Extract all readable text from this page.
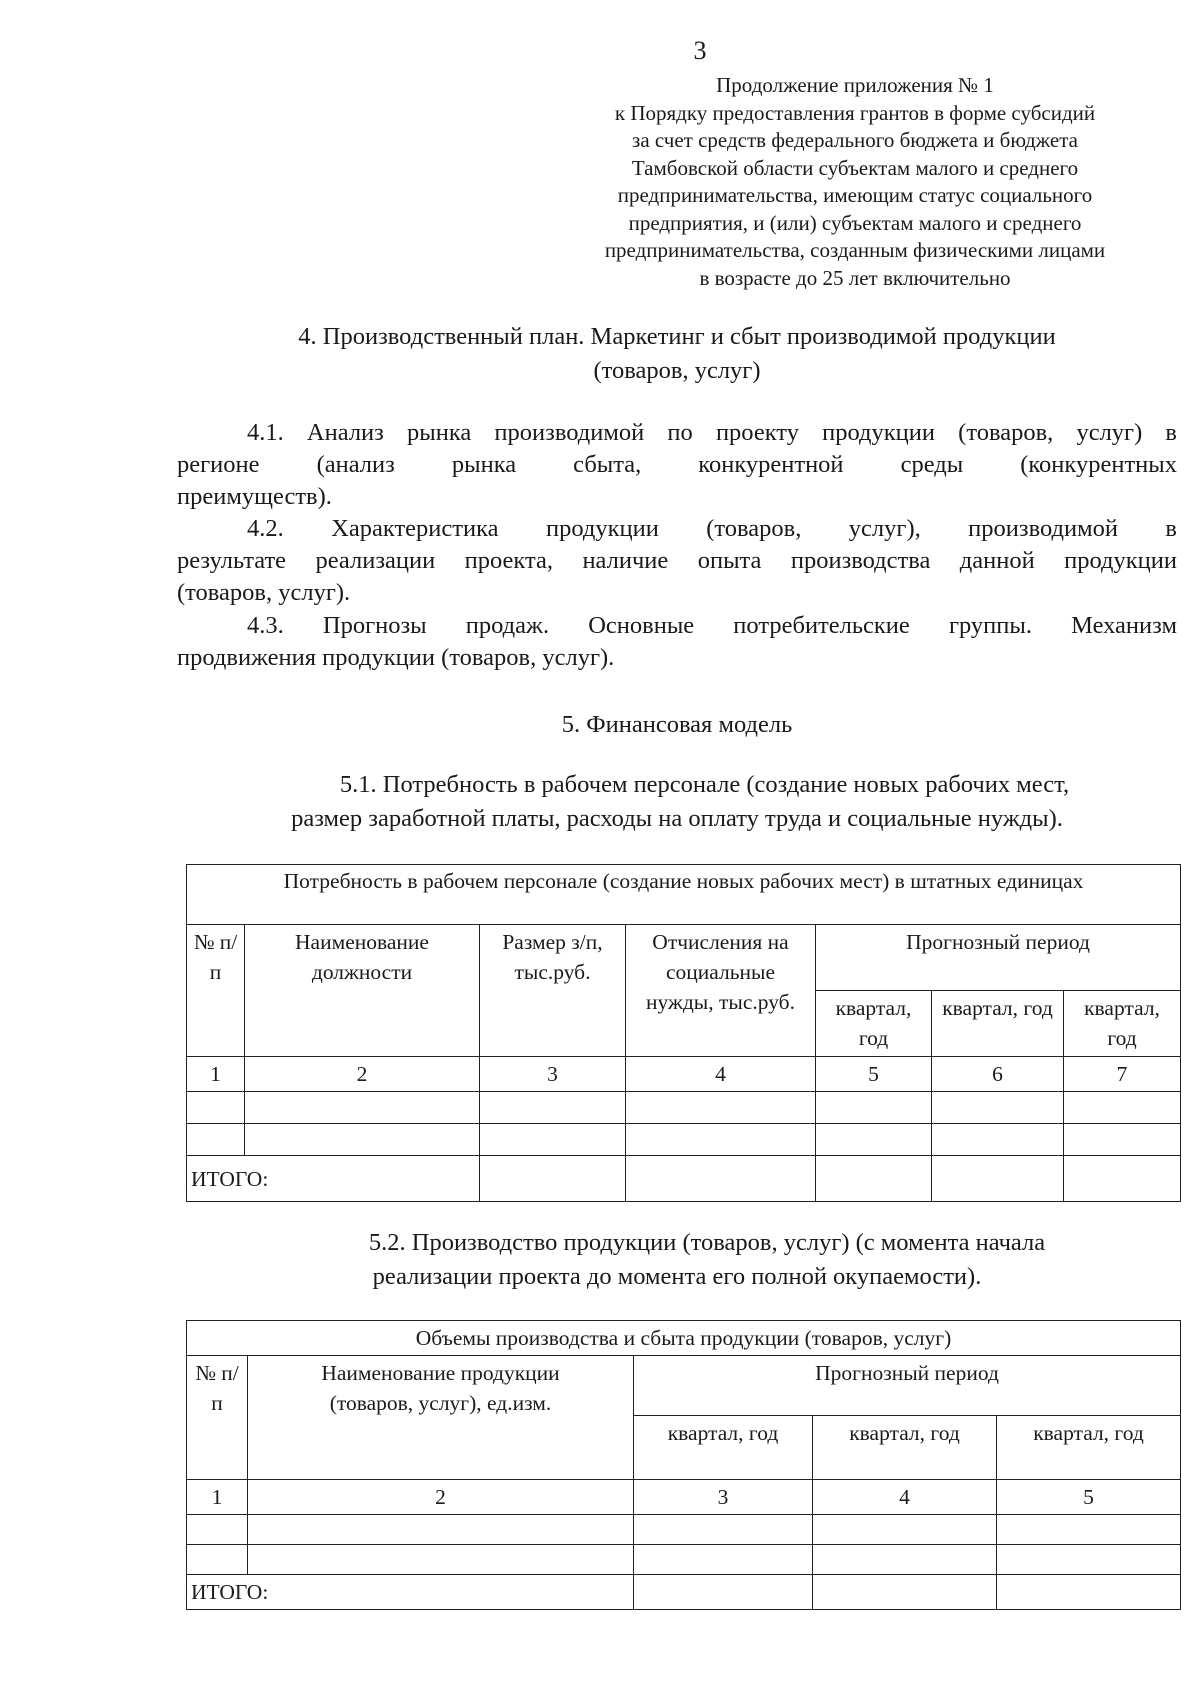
3
Продолжение приложения № 1
к Порядку предоставления грантов в форме субсидий
за счет средств федерального бюджета и бюджета
Тамбовской области субъектам малого и среднего
предпринимательства, имеющим статус социального
предприятия, и (или) субъектам малого и среднего
предпринимательства, созданным физическими лицами
в возрасте до 25 лет включительно
4. Производственный план. Маркетинг и сбыт производимой продукции
(товаров, услуг)
4.1. Анализ рынка производимой по проекту продукции (товаров, услуг) в
регионе (анализ рынка сбыта, конкурентной среды (конкурентных
преимуществ).
4.2. Характеристика продукции (товаров, услуг), производимой в
результате реализации проекта, наличие опыта производства данной продукции
(товаров, услуг).
4.3. Прогнозы продаж. Основные потребительские группы. Механизм
продвижения продукции (товаров, услуг).
5. Финансовая модель
5.1. Потребность в рабочем персонале (создание новых рабочих мест,
размер заработной платы, расходы на оплату труда и социальные нужды).
Потребность в рабочем персонале (создание новых рабочих мест) в штатных единицах						
№ п/п	Наименование должности	Размер з/п, тыс.руб.	Отчисления на социальные нужды, тыс.руб.	Прогнозный период		
				квартал, год	квартал, год	квартал, год
1	2	3	4	5	6	7

ИТОГО:						
5.2. Производство продукции (товаров, услуг) (с момента начала
реализации проекта до момента его полной окупаемости).
Объемы производства и сбыта продукции (товаров, услуг)				
№ п/п	Наименование продукции (товаров, услуг), ед.изм.	Прогнозный период		
		квартал, год	квартал, год	квартал, год
1	2	3	4	5

ИТОГО:				
